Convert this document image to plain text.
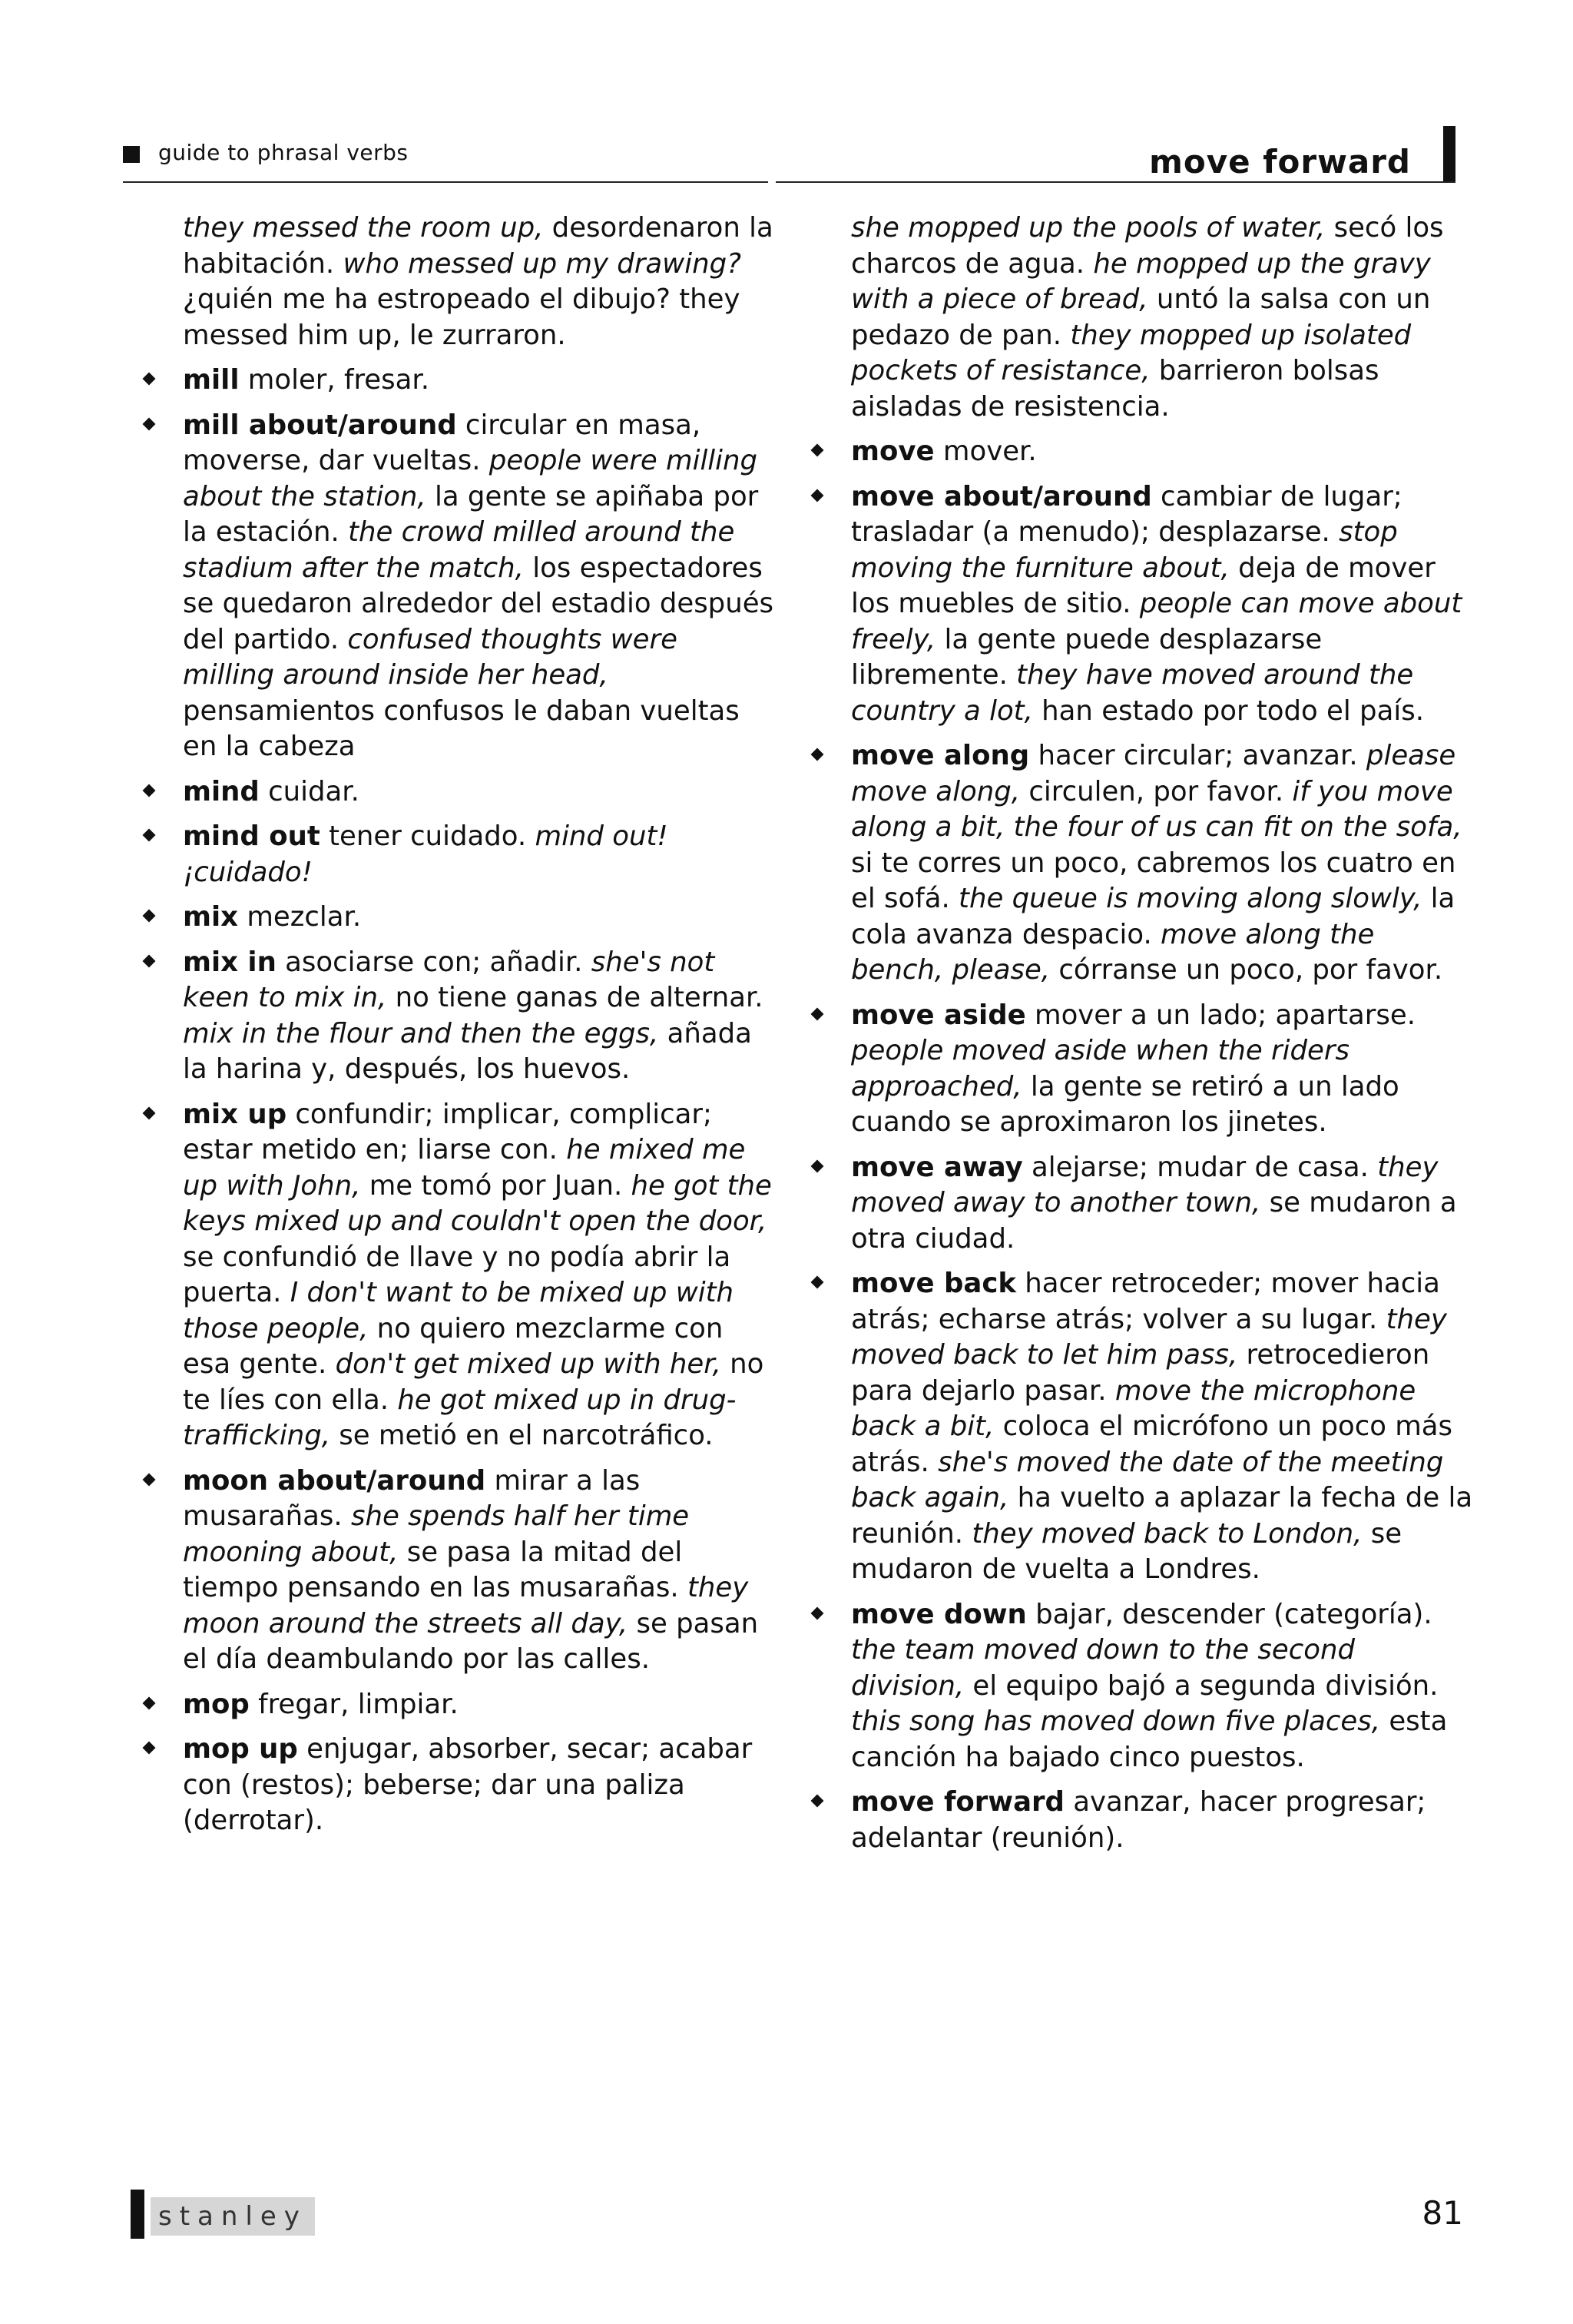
guide to phrasal verbs	move forward

they messed the room up, desordenaron la habitación. who messed up my drawing? ¿quién me ha estropeado el dibujo? they messed him up, le zurraron.

mill moler, fresar.

mill about/around circular en masa, moverse, dar vueltas. people were milling about the station, la gente se apiñaba por la estación. the crowd milled around the stadium after the match, los espectadores se quedaron alrededor del estadio después del partido. confused thoughts were milling around inside her head, pensamientos confusos le daban vueltas en la cabeza

mind cuidar.

mind out tener cuidado. mind out! ¡cuidado!

mix mezclar.

mix in asociarse con; añadir. she's not keen to mix in, no tiene ganas de alternar. mix in the flour and then the eggs, añada la harina y, después, los huevos.

mix up confundir; implicar, complicar; estar metido en; liarse con. he mixed me up with John, me tomó por Juan. he got the keys mixed up and couldn't open the door, se confundió de llave y no podía abrir la puerta. I don't want to be mixed up with those people, no quiero mezclarme con esa gente. don't get mixed up with her, no te líes con ella. he got mixed up in drug-trafficking, se metió en el narcotráfico.

moon about/around mirar a las musarañas. she spends half her time mooning about, se pasa la mitad del tiempo pensando en las musarañas. they moon around the streets all day, se pasan el día deambulando por las calles.

mop fregar, limpiar.

mop up enjugar, absorber, secar; acabar con (restos); beberse; dar una paliza (derrotar).

she mopped up the pools of water, secó los charcos de agua. he mopped up the gravy with a piece of bread, untó la salsa con un pedazo de pan. they mopped up isolated pockets of resistance, barrieron bolsas aisladas de resistencia.

move mover.

move about/around cambiar de lugar; trasladar (a menudo); desplazarse. stop moving the furniture about, deja de mover los muebles de sitio. people can move about freely, la gente puede desplazarse libremente. they have moved around the country a lot, han estado por todo el país.

move along hacer circular; avanzar. please move along, circulen, por favor. if you move along a bit, the four of us can fit on the sofa, si te corres un poco, cabremos los cuatro en el sofá. the queue is moving along slowly, la cola avanza despacio. move along the bench, please, córranse un poco, por favor.

move aside mover a un lado; apartarse. people moved aside when the riders approached, la gente se retiró a un lado cuando se aproximaron los jinetes.

move away alejarse; mudar de casa. they moved away to another town, se mudaron a otra ciudad.

move back hacer retroceder; mover hacia atrás; echarse atrás; volver a su lugar. they moved back to let him pass, retrocedieron para dejarlo pasar. move the microphone back a bit, coloca el micrófono un poco más atrás. she's moved the date of the meeting back again, ha vuelto a aplazar la fecha de la reunión. they moved back to London, se mudaron de vuelta a Londres.

move down bajar, descender (categoría). the team moved down to the second division, el equipo bajó a segunda división. this song has moved down five places, esta canción ha bajado cinco puestos.

move forward avanzar, hacer progresar; adelantar (reunión).

stanley	81
